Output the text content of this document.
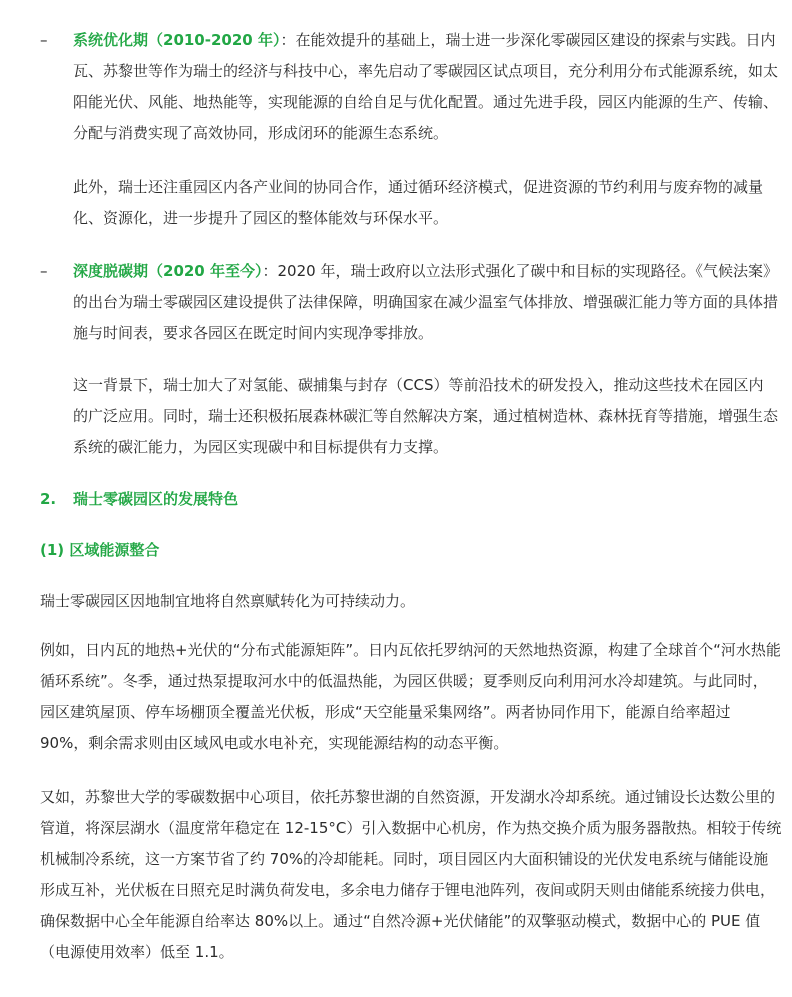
–	系统优化期（2010-2020 年）：在能效提升的基础上，瑞士进一步深化零碳园区建设的探索与实践。日内瓦、苏黎世等作为瑞士的经济与科技中心，率先启动了零碳园区试点项目，充分利用分布式能源系统，如太阳能光伏、风能、地热能等，实现能源的自给自足与优化配置。通过先进手段，园区内能源的生产、传输、分配与消费实现了高效协同，形成闭环的能源生态系统。

此外，瑞士还注重园区内各产业间的协同合作，通过循环经济模式，促进资源的节约利用与废弃物的减量化、资源化，进一步提升了园区的整体能效与环保水平。

–	深度脱碳期（2020 年至今）：2020 年，瑞士政府以立法形式强化了碳中和目标的实现路径。《气候法案》的出台为瑞士零碳园区建设提供了法律保障，明确国家在减少温室气体排放、增强碳汇能力等方面的具体措施与时间表，要求各园区在既定时间内实现净零排放。

这一背景下，瑞士加大了对氢能、碳捕集与封存（CCS）等前沿技术的研发投入，推动这些技术在园区内的广泛应用。同时，瑞士还积极拓展森林碳汇等自然解决方案，通过植树造林、森林抚育等措施，增强生态系统的碳汇能力，为园区实现碳中和目标提供有力支撑。

2. 瑞士零碳园区的发展特色
(1) 区域能源整合

瑞士零碳园区因地制宜地将自然禀赋转化为可持续动力。

例如，日内瓦的地热+光伏的“分布式能源矩阵”。日内瓦依托罗纳河的天然地热资源，构建了全球首个“河水热能循环系统”。冬季，通过热泵提取河水中的低温热能，为园区供暖；夏季则反向利用河水冷却建筑。与此同时，园区建筑屋顶、停车场棚顶全覆盖光伏板，形成“天空能量采集网络”。两者协同作用下，能源自给率超过 90%，剩余需求则由区域风电或水电补充，实现能源结构的动态平衡。

又如，苏黎世大学的零碳数据中心项目，依托苏黎世湖的自然资源，开发湖水冷却系统。通过铺设长达数公里的管道，将深层湖水（温度常年稳定在 12-15°C）引入数据中心机房，作为热交换介质为服务器散热。相较于传统机械制冷系统，这一方案节省了约 70%的冷却能耗。同时，项目园区内大面积铺设的光伏发电系统与储能设施形成互补，光伏板在日照充足时满负荷发电，多余电力储存于锂电池阵列，夜间或阴天则由储能系统接力供电，确保数据中心全年能源自给率达 80%以上。通过“自然冷源+光伏储能”的双擎驱动模式，数据中心的 PUE 值（电源使用效率）低至 1.1。
